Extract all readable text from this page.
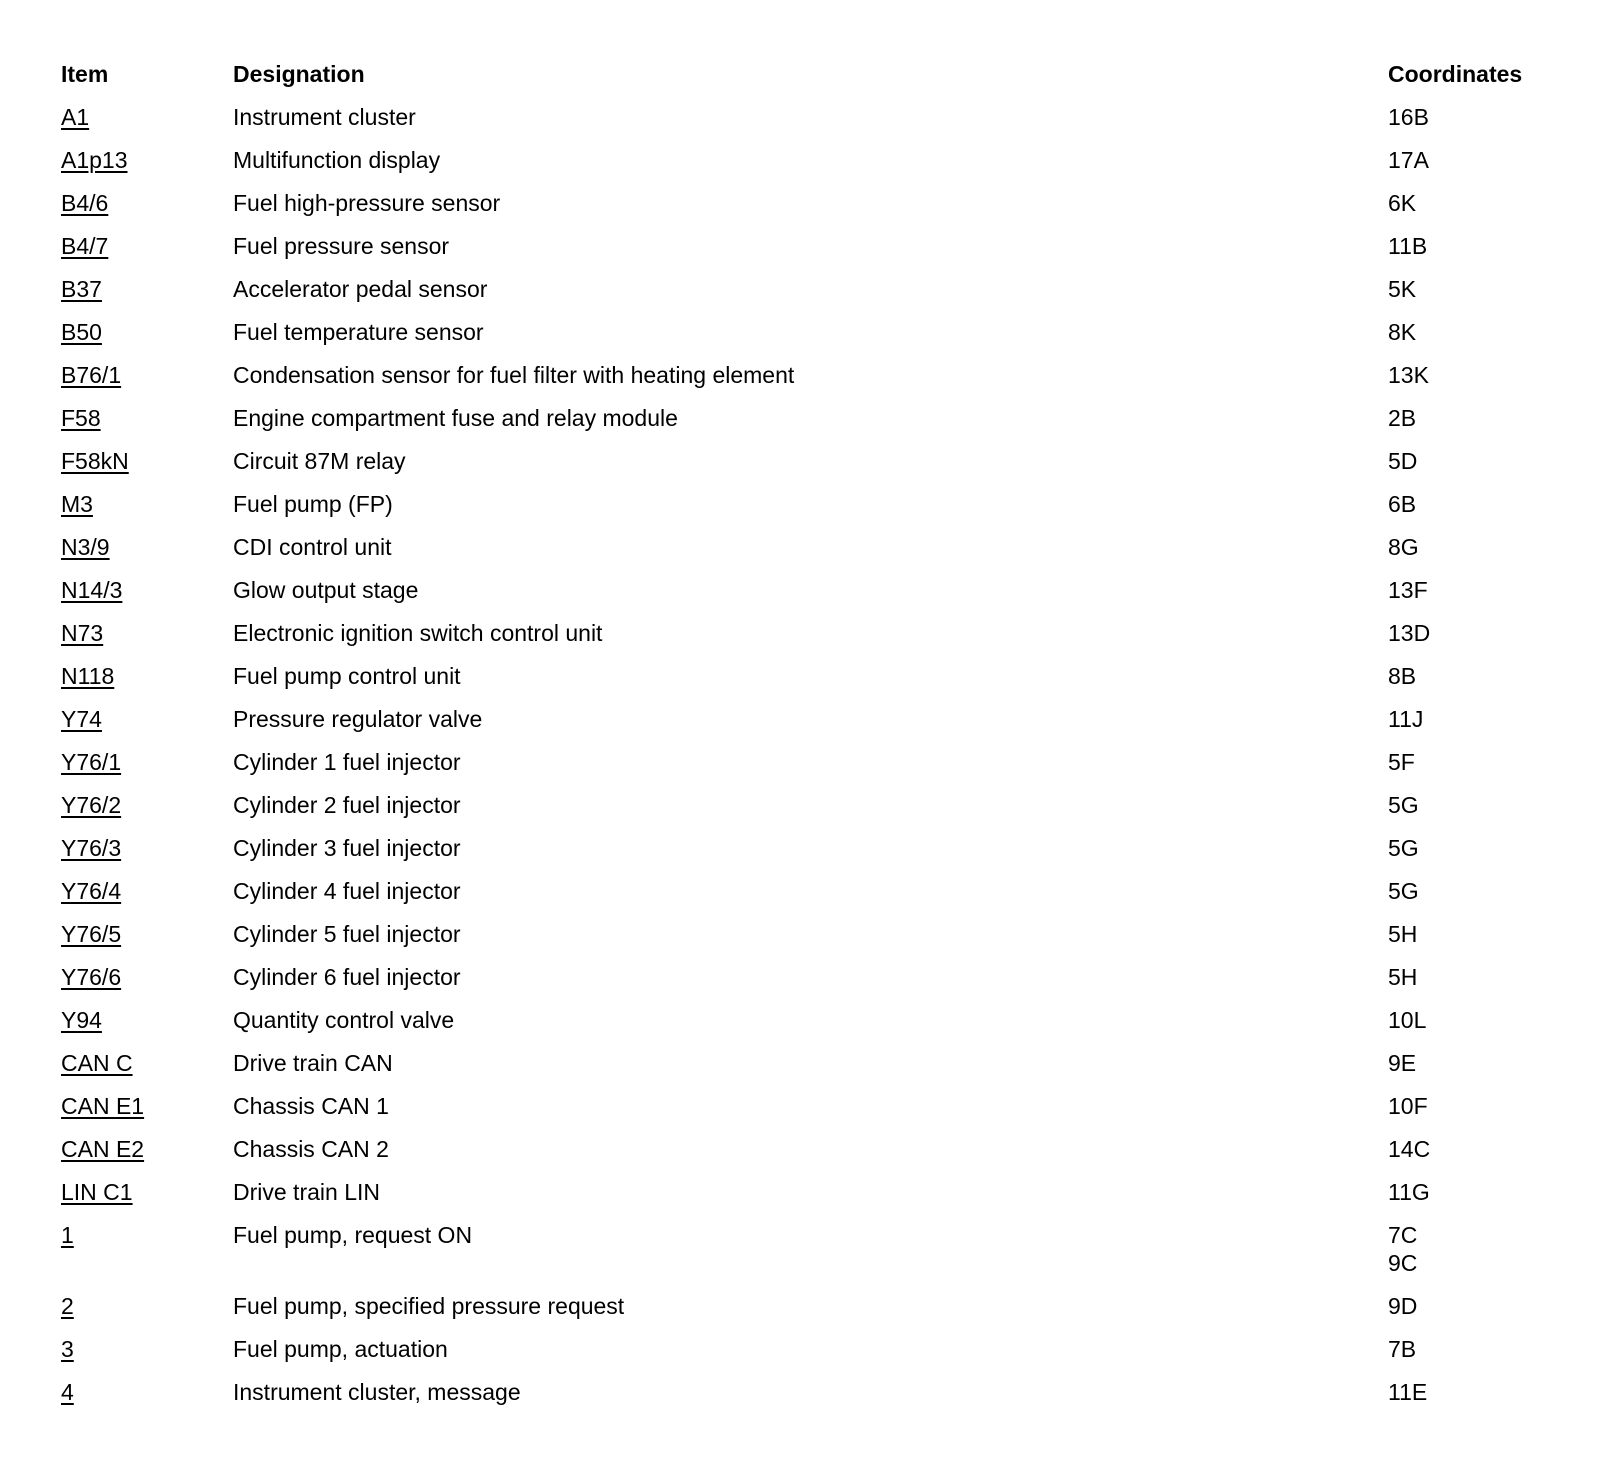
Item	Designation	Coordinates
A1	Instrument cluster	16B
A1p13	Multifunction display	17A
B4/6	Fuel high-pressure sensor	6K
B4/7	Fuel pressure sensor	11B
B37	Accelerator pedal sensor	5K
B50	Fuel temperature sensor	8K
B76/1	Condensation sensor for fuel filter with heating element	13K
F58	Engine compartment fuse and relay module	2B
F58kN	Circuit 87M relay	5D
M3	Fuel pump (FP)	6B
N3/9	CDI control unit	8G
N14/3	Glow output stage	13F
N73	Electronic ignition switch control unit	13D
N118	Fuel pump control unit	8B
Y74	Pressure regulator valve	11J
Y76/1	Cylinder 1 fuel injector	5F
Y76/2	Cylinder 2 fuel injector	5G
Y76/3	Cylinder 3 fuel injector	5G
Y76/4	Cylinder 4 fuel injector	5G
Y76/5	Cylinder 5 fuel injector	5H
Y76/6	Cylinder 6 fuel injector	5H
Y94	Quantity control valve	10L
CAN C	Drive train CAN	9E
CAN E1	Chassis CAN 1	10F
CAN E2	Chassis CAN 2	14C
LIN C1	Drive train LIN	11G
1	Fuel pump, request ON	7C
9C
2	Fuel pump, specified pressure request	9D
3	Fuel pump, actuation	7B
4	Instrument cluster, message	11E
